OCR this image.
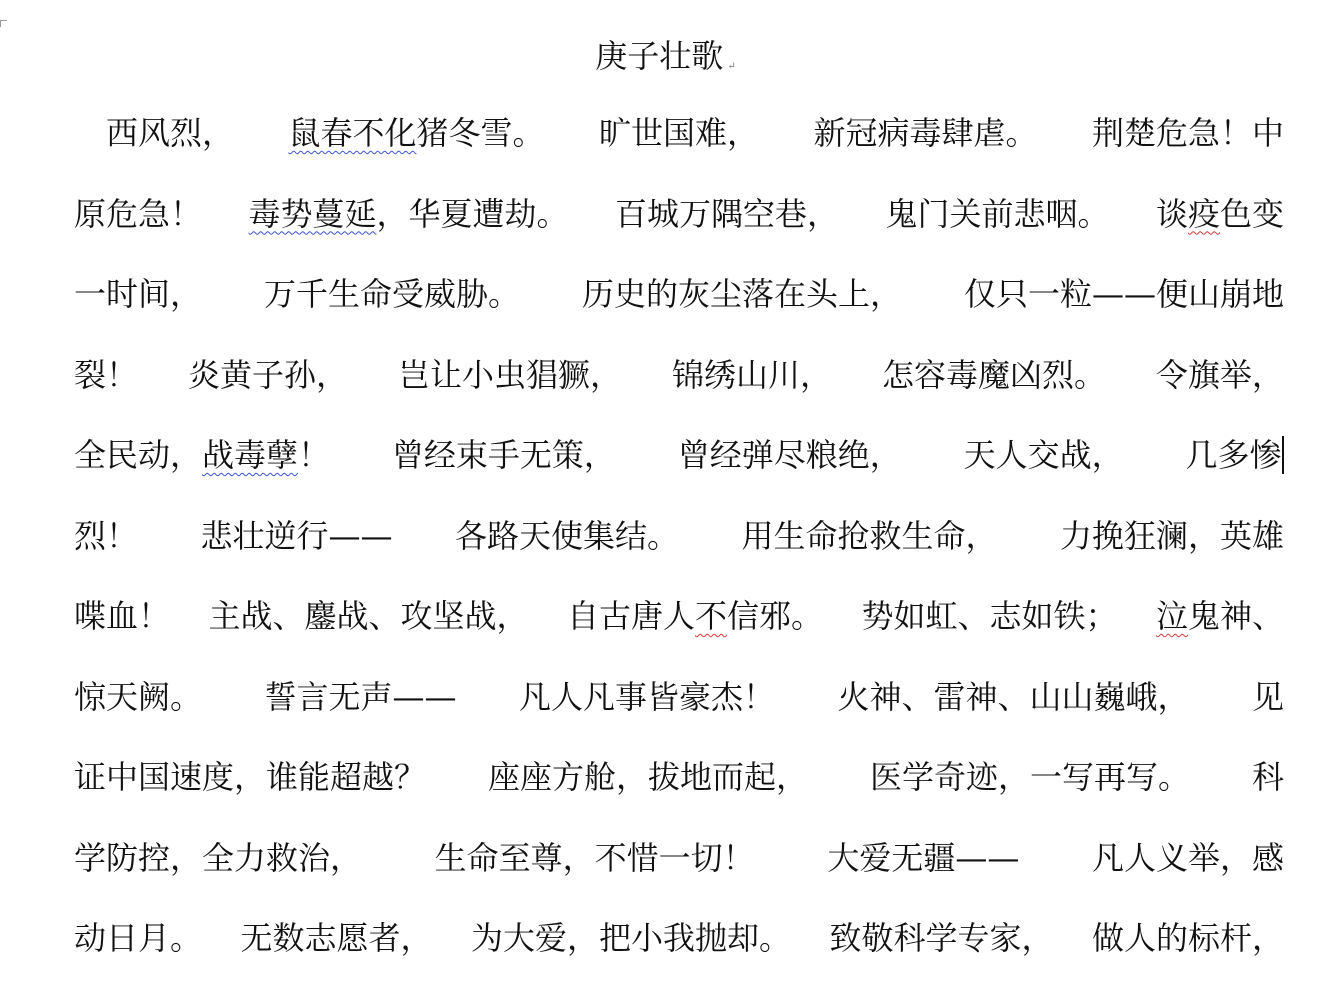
庚子壮歌 ↵
　西风烈， 鼠春不化猪冬雪。 旷世国难， 新冠病毒肆虐。 荆楚危急！中
原危急！ 毒势蔓延，华夏遭劫。 百城万隅空巷， 鬼门关前悲咽。 谈疫色变
一时间， 万千生命受威胁。 历史的灰尘落在头上， 仅只一粒——便山崩地
裂！ 炎黄子孙， 岂让小虫猖獗， 锦绣山川， 怎容毒魔凶烈。 令旗举，
全民动，战毒孽！ 曾经束手无策， 曾经弹尽粮绝， 天人交战， 几多惨
烈！ 悲壮逆行—— 各路天使集结。 用生命抢救生命， 力挽狂澜，英雄
喋血！ 主战、鏖战、攻坚战， 自古唐人不信邪。 势如虹、志如铁； 泣鬼神、
惊天阙。 誓言无声—— 凡人凡事皆豪杰！ 火神、雷神、山山巍峨， 见
证中国速度，谁能超越？ 座座方舱，拔地而起， 医学奇迹，一写再写。 科
学防控，全力救治， 生命至尊，不惜一切！ 大爱无疆—— 凡人义举，感
动日月。 无数志愿者， 为大爱，把小我抛却。 致敬科学专家， 做人的标杆，
